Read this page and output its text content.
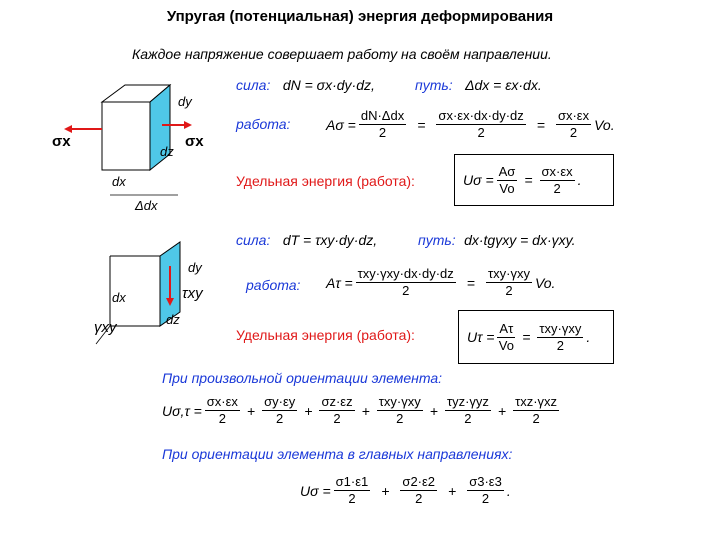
Упругая (потенциальная) энергия деформирования
Каждое напряжение совершает работу на своём направлении.
σx	σx
dy
dz
dx
Δdx
сила: dN = σx·dy·dz,	путь: Δdx = εx·dx.
работа:	Aσ =
dN·Δdx
$2 = \frac{\sigma x\cdot\varepsilon x\cdot dx\cdot dy\cdot dz}{2} = \frac{\sigma x\cdot\varepsilon x}{2} Vo$.
Удельная энергия (работа):	$U\sigma = \frac{A\sigma}{Vo} = \frac{\sigma x\cdot\varepsilon x}{2}$ .
dy
τxy
dx
dz
γxy
сила: dT = τxy·dy·dz,	путь: dx·tgγxy = dx·γxy.
работа: Aτ =
τxy·γxy·dx·dy·dz
2	=
τxy·γxy
2 Vo.
Удельная энергия (работа):	$U\tau = \frac{A\tau}{Vo}$ =
τxy·γxy
2 .
При произвольной ориентации элемента:
$U\sigma,\tau = \frac{\sigma x\cdot\varepsilon x}{2} + \frac{\sigma y\cdot\varepsilon y}{2} + \frac{\sigma z\cdot\varepsilon z}{2}$ +
τxy·γxy
2 +
τyz·γyz
2 +
τxz·γxz
2
При ориентации элемента в главных направлениях:
$U\sigma = \frac{\sigma 1\cdot\varepsilon 1}{2} + \frac{\sigma 2\cdot\varepsilon 2}{2} + \frac{\sigma 3\cdot\varepsilon 3}{2}$ .
